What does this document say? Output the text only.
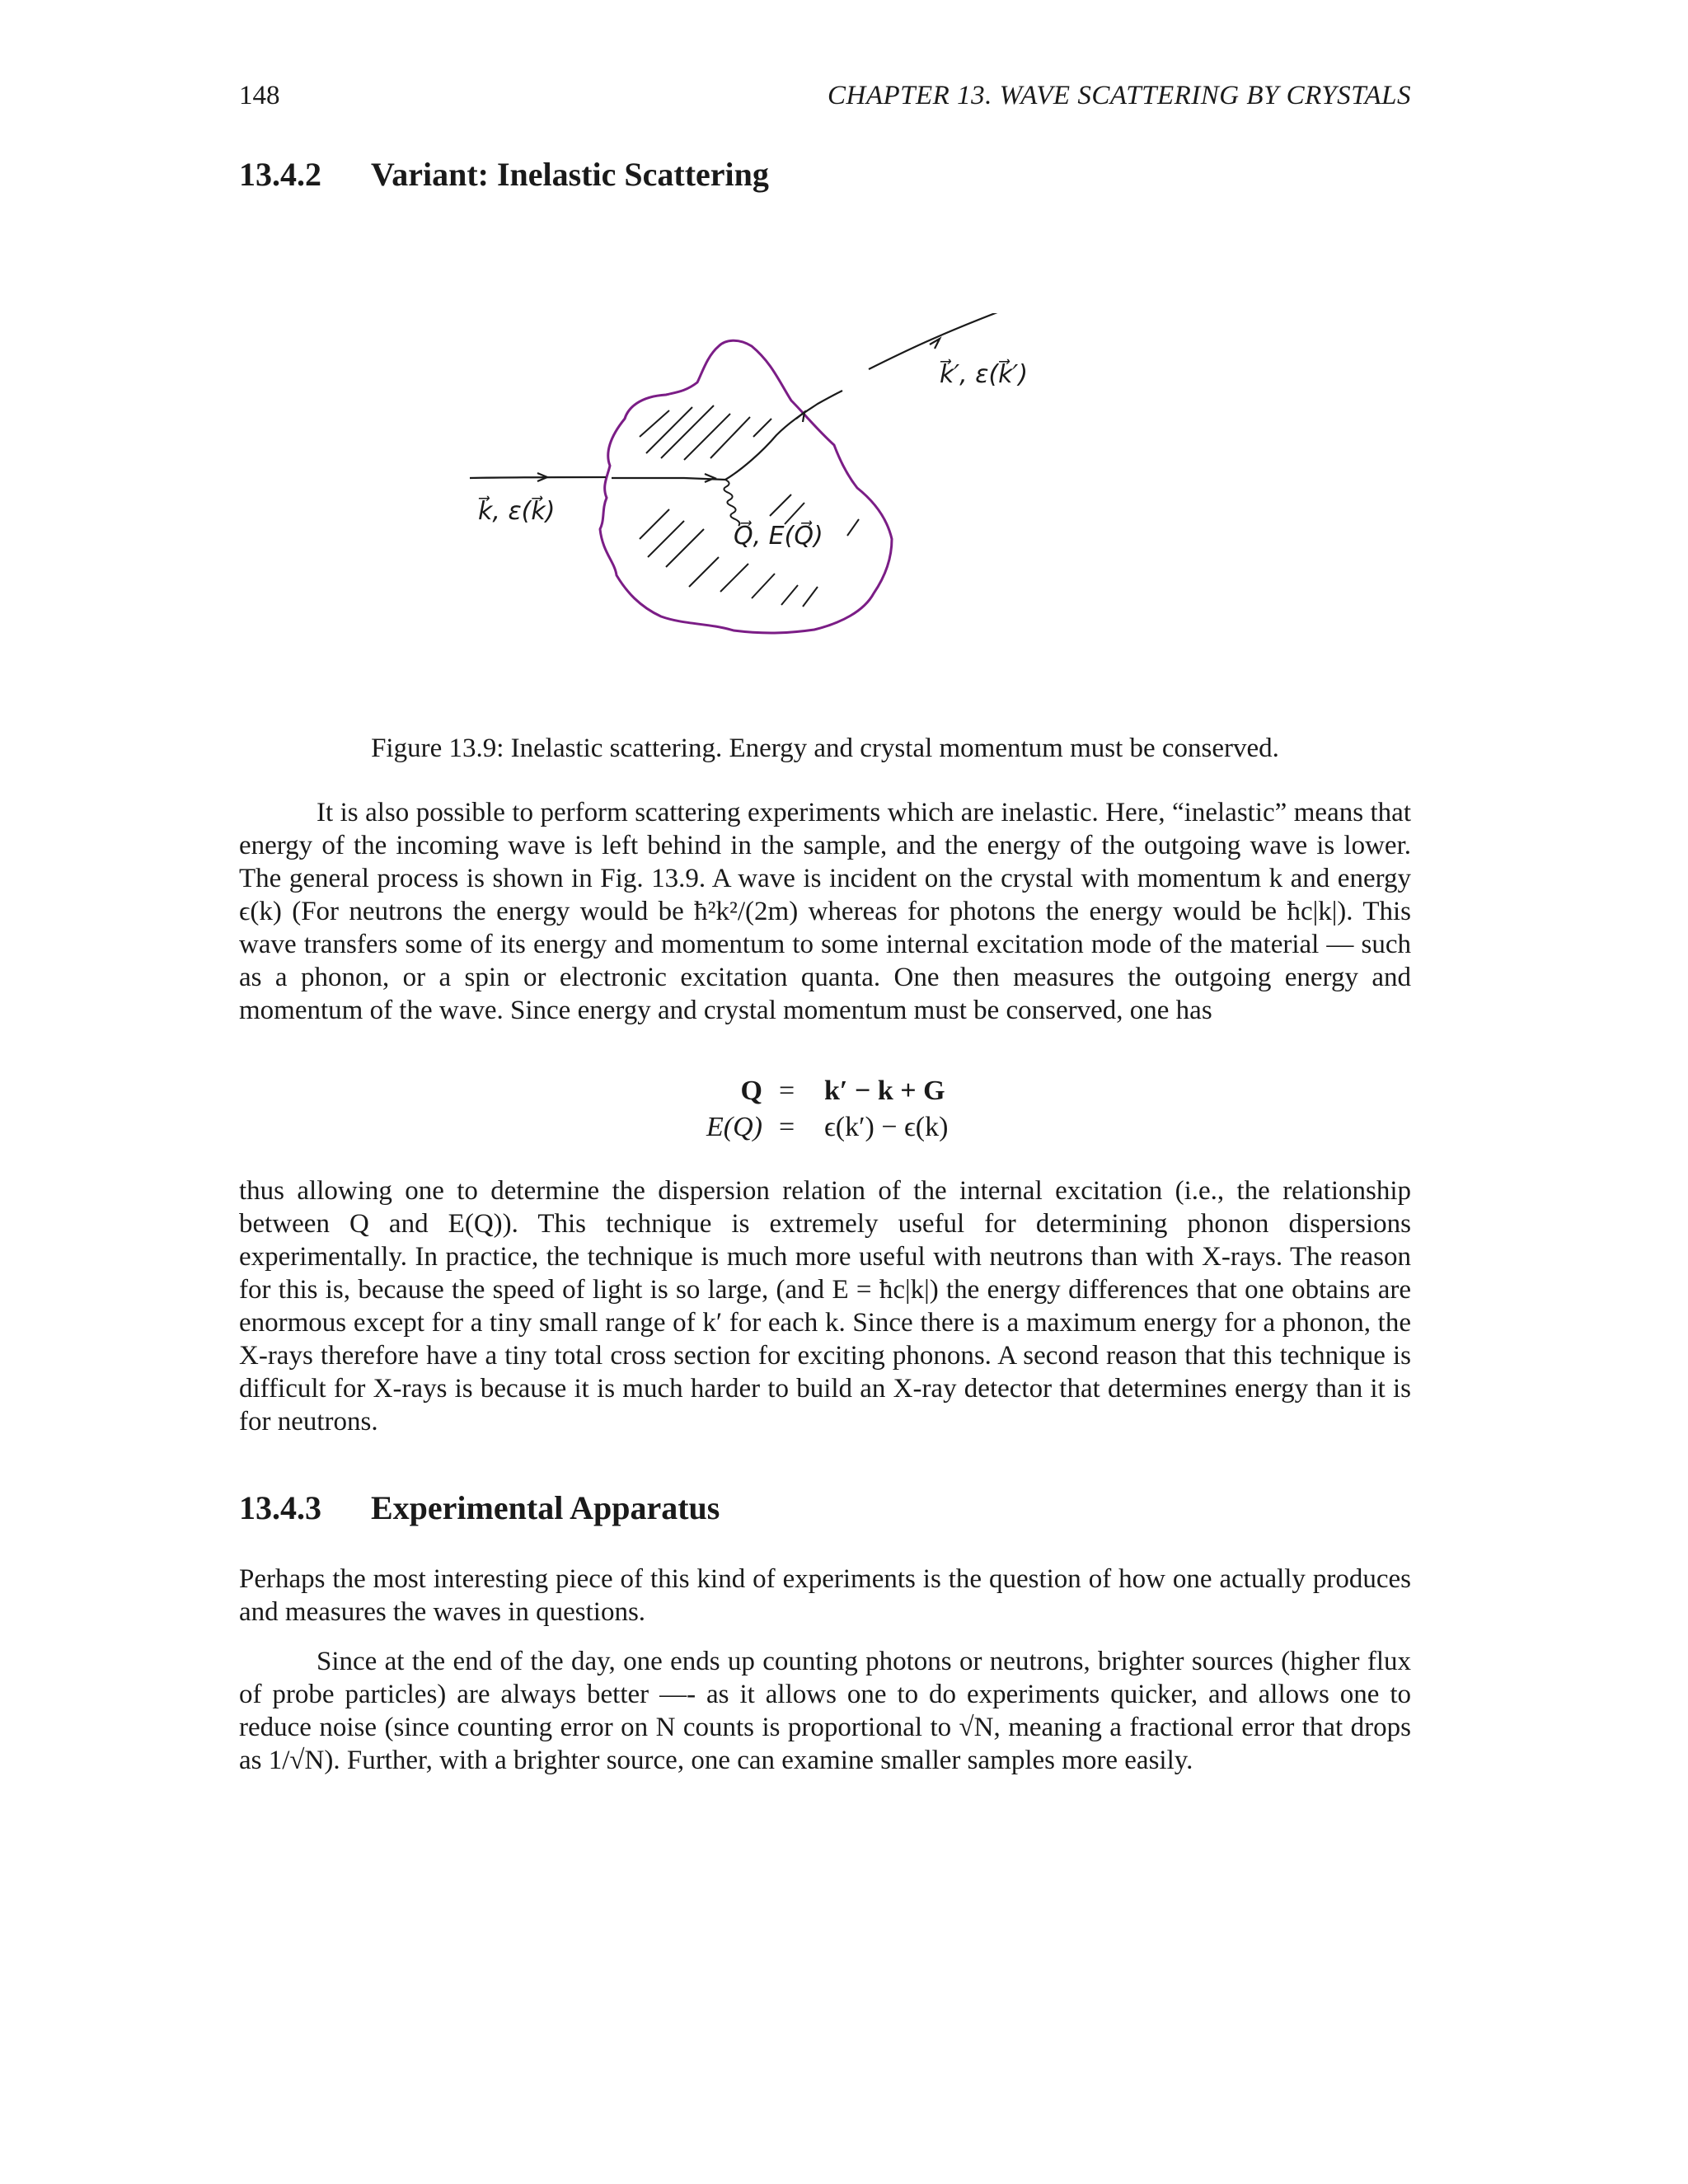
148	CHAPTER 13. WAVE SCATTERING BY CRYSTALS
13.4.2 Variant: Inelastic Scattering
k⃗, ε(k⃗)
k⃗′, ε(k⃗′)
Q⃗, E(Q⃗)
Figure 13.9: Inelastic scattering. Energy and crystal momentum must be conserved.

It is also possible to perform scattering experiments which are inelastic. Here, “inelastic” means that energy of the incoming wave is left behind in the sample, and the energy of the outgoing wave is lower. The general process is shown in Fig. 13.9. A wave is incident on the crystal with momentum k and energy ϵ(k) (For neutrons the energy would be ħ²k²/(2m) whereas for photons the energy would be ħc|k|). This wave transfers some of its energy and momentum to some internal excitation mode of the material — such as a phonon, or a spin or electronic excitation quanta. One then measures the outgoing energy and momentum of the wave. Since energy and crystal momentum must be conserved, one has

Q = k′ − k + G
E(Q) = ϵ(k′) − ϵ(k)

thus allowing one to determine the dispersion relation of the internal excitation (i.e., the relationship between Q and E(Q)). This technique is extremely useful for determining phonon dispersions experimentally. In practice, the technique is much more useful with neutrons than with X-rays. The reason for this is, because the speed of light is so large, (and E = ħc|k|) the energy differences that one obtains are enormous except for a tiny small range of k′ for each k. Since there is a maximum energy for a phonon, the X-rays therefore have a tiny total cross section for exciting phonons. A second reason that this technique is difficult for X-rays is because it is much harder to build an X-ray detector that determines energy than it is for neutrons.

13.4.3 Experimental Apparatus

Perhaps the most interesting piece of this kind of experiments is the question of how one actually produces and measures the waves in questions.

Since at the end of the day, one ends up counting photons or neutrons, brighter sources (higher flux of probe particles) are always better —- as it allows one to do experiments quicker, and allows one to reduce noise (since counting error on N counts is proportional to √N, meaning a fractional error that drops as 1/√N). Further, with a brighter source, one can examine smaller samples more easily.
